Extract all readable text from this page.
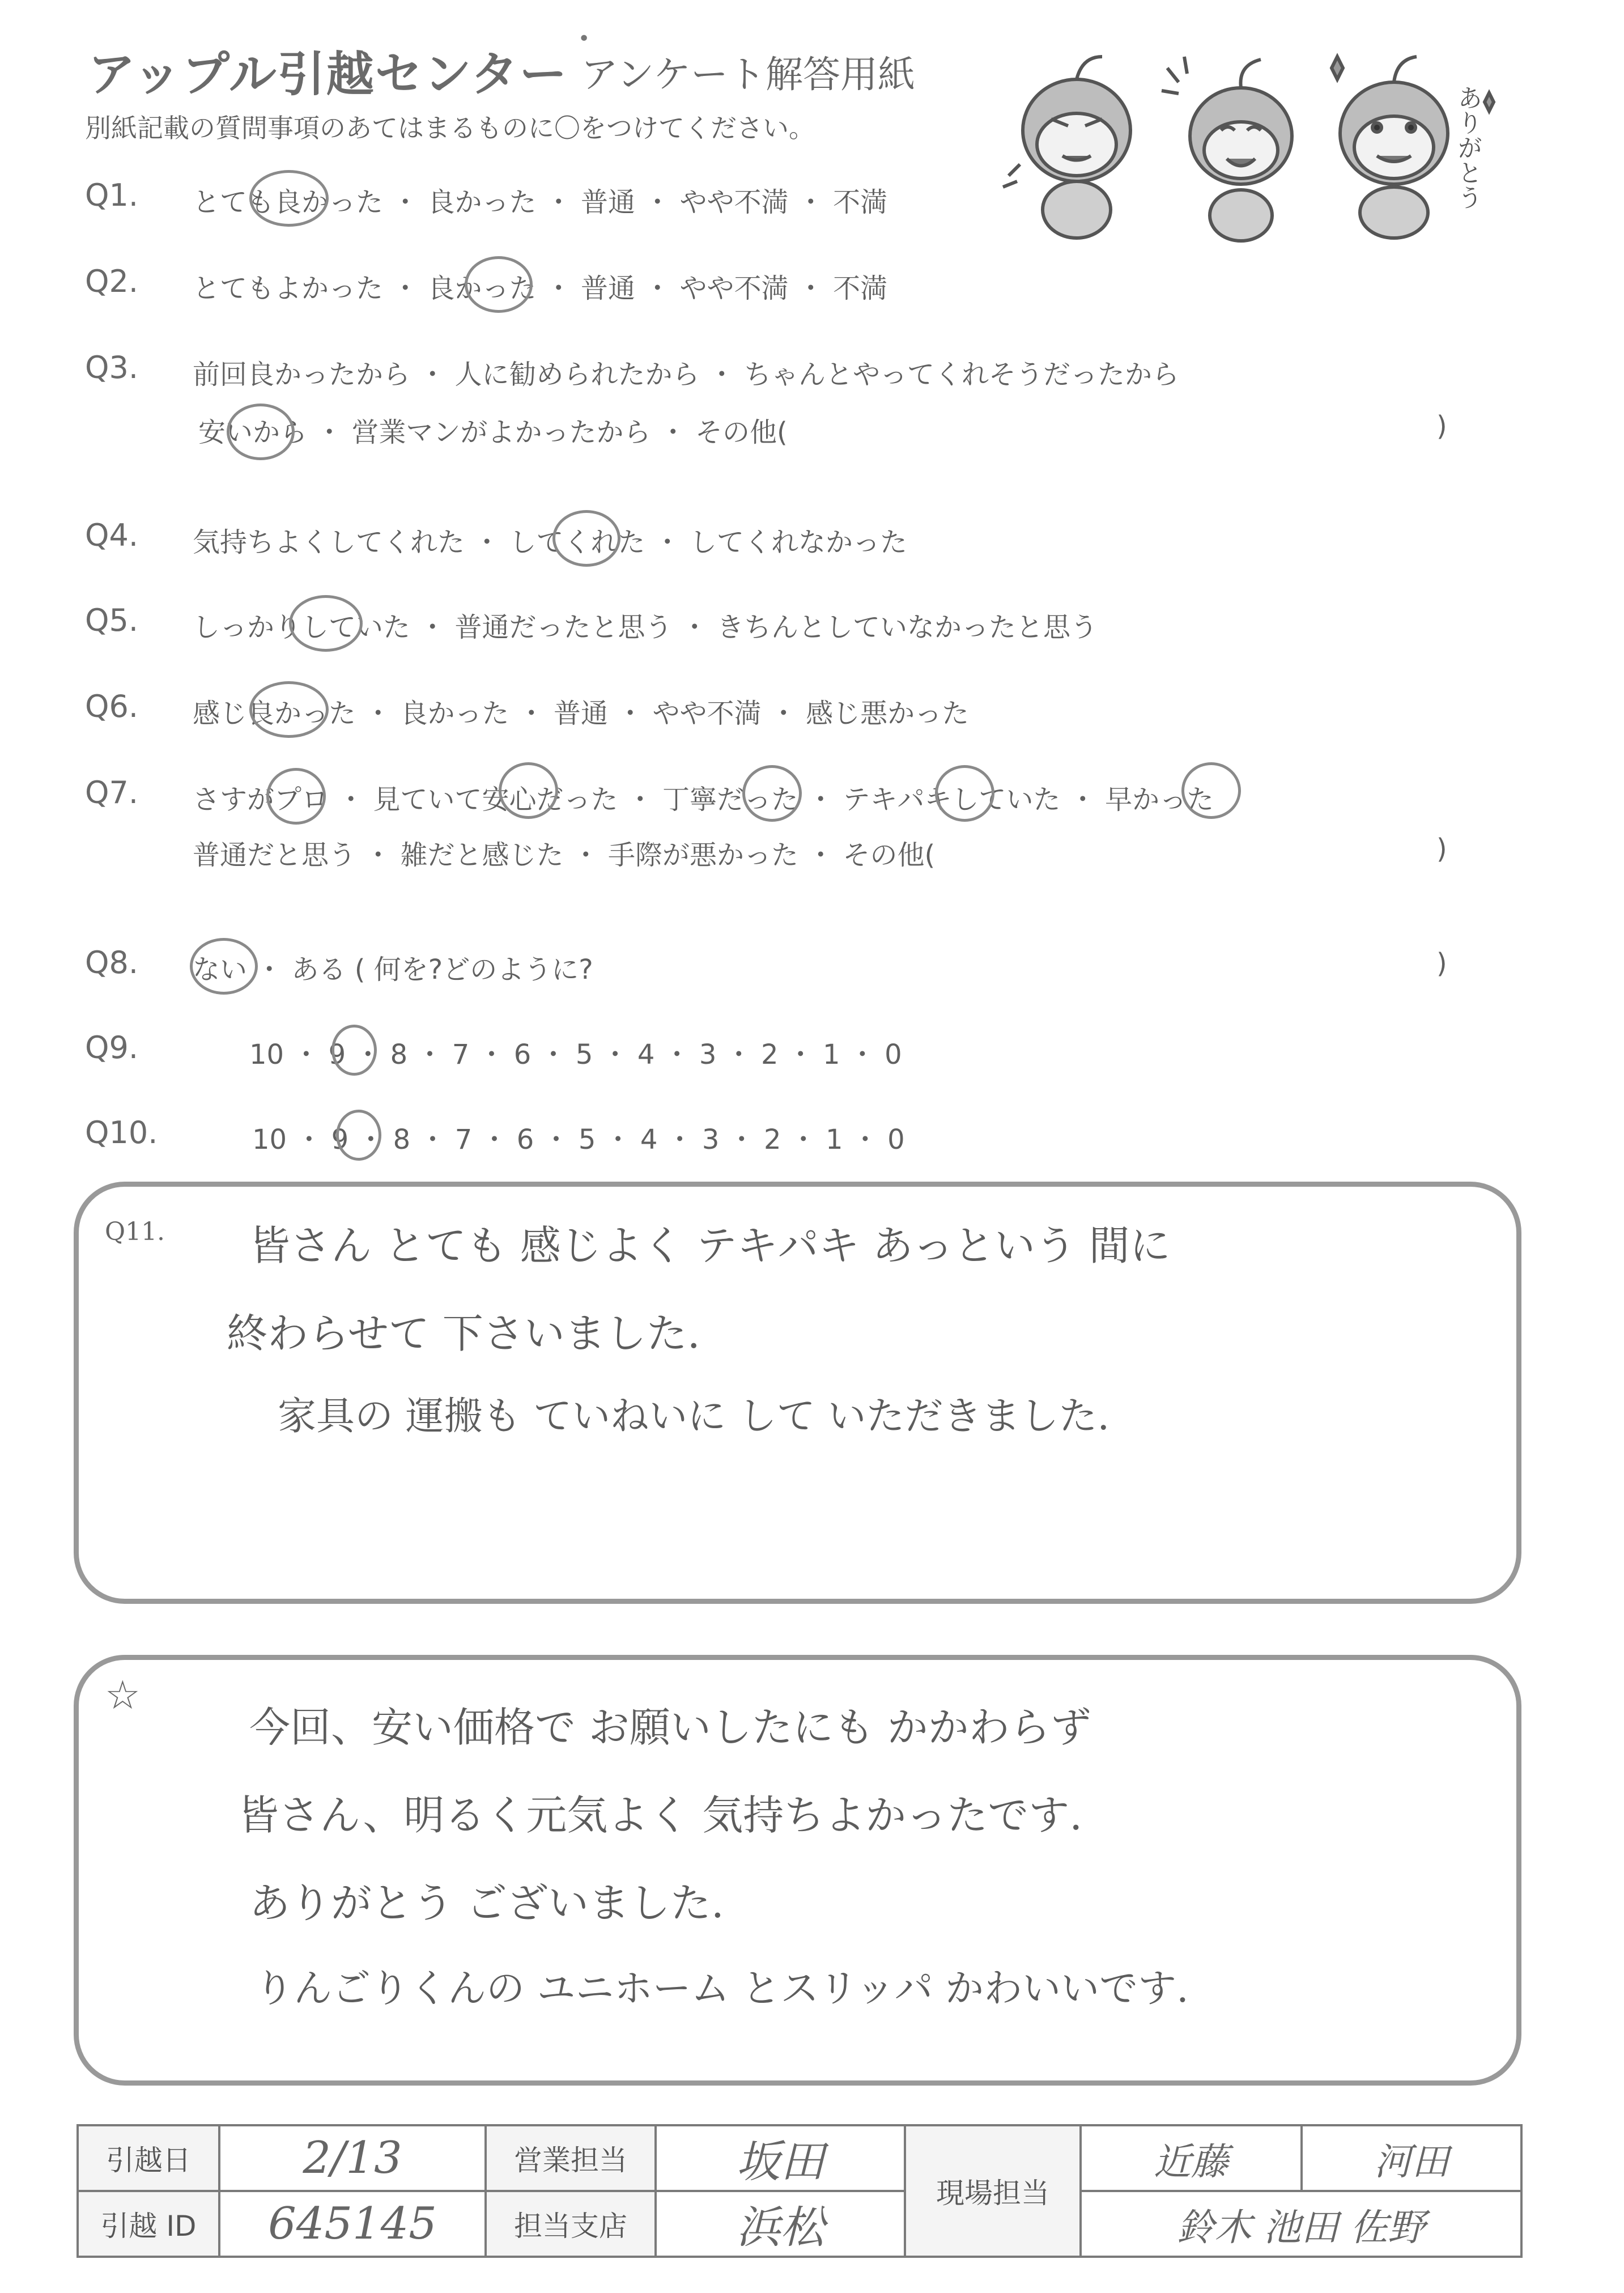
アップル引越センター
•
アンケート解答用紙
別紙記載の質問事項のあてはまるものに〇をつけてください。	ありがとう
Q1. とても良かった ・ 良かった ・ 普通 ・ やや不満 ・ 不満
Q2. とてもよかった ・ 良かった ・ 普通 ・ やや不満 ・ 不満
Q3. 前回良かったから ・ 人に勧められたから ・ ちゃんとやってくれそうだったから
安いから ・ 営業マンがよかったから ・ その他(	)
Q4. 気持ちよくしてくれた ・ してくれた ・ してくれなかった
Q5. しっかりしていた ・ 普通だったと思う ・ きちんとしていなかったと思う
Q6. 感じ良かった ・ 良かった ・ 普通 ・ やや不満 ・ 感じ悪かった
Q7. さすがプロ ・ 見ていて安心だった ・ 丁寧だった ・ テキパキしていた ・ 早かった
普通だと思う ・ 雑だと感じた ・ 手際が悪かった ・ その他(	)
Q8. ない ・ ある ( 何を?どのように?	)
Q9.	10 ・ 9 ・ 8 ・ 7 ・ 6 ・ 5 ・ 4 ・ 3 ・ 2 ・ 1 ・ 0
Q10.	10 ・ 9 ・ 8 ・ 7 ・ 6 ・ 5 ・ 4 ・ 3 ・ 2 ・ 1 ・ 0
Q11. 皆さん とても 感じよく テキパキ あっという 間に
終わらせて 下さいました.
家具の 運搬も ていねいに して いただきました.
☆
今回、安い価格で お願いしたにも かかわらず
皆さん、明るく元気よく 気持ちよかったです.
ありがとう ございました.
りんごりくんの ユニホーム とスリッパ かわいいです.
引越日	2/13	営業担当	坂田	現場担当	近藤	河田
引越 ID	645145	担当支店	浜松		鈴木 池田 佐野	
